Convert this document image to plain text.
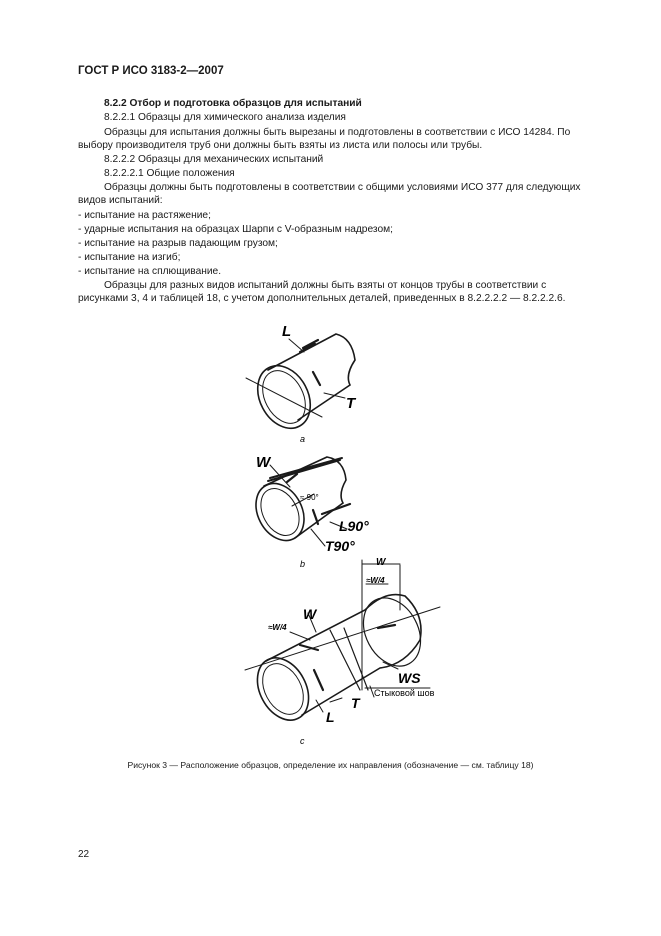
ГОСТ Р ИСО 3183-2—2007
8.2.2 Отбор и подготовка образцов для испытаний
8.2.2.1 Образцы для химического анализа изделия
Образцы для испытания должны быть вырезаны и подготовлены в соответствии с ИСО 14284. По выбору производителя труб они должны быть взяты из листа или полосы или трубы.
8.2.2.2 Образцы для механических испытаний
8.2.2.2.1 Общие положения
Образцы должны быть подготовлены в соответствии с общими условиями ИСО 377 для следующих видов испытаний:
- испытание на растяжение;
- ударные испытания на образцах Шарпи с V-образным надрезом;
- испытание на разрыв падающим грузом;
- испытание на изгиб;
- испытание на сплющивание.
Образцы для разных видов испытаний должны быть взяты от концов трубы в соответствии с рисунками 3, 4 и таблицей 18, с учетом дополнительных деталей, приведенных в 8.2.2.2.2 — 8.2.2.2.6.
L
T
a
W
≈ 90°
L90°
T90°
b	W
≈W/4
W
≈W/4
WS
Стыковой шов
T
L
c
Рисунок 3 — Расположение образцов, определение их направления (обозначение — см. таблицу 18)
22
